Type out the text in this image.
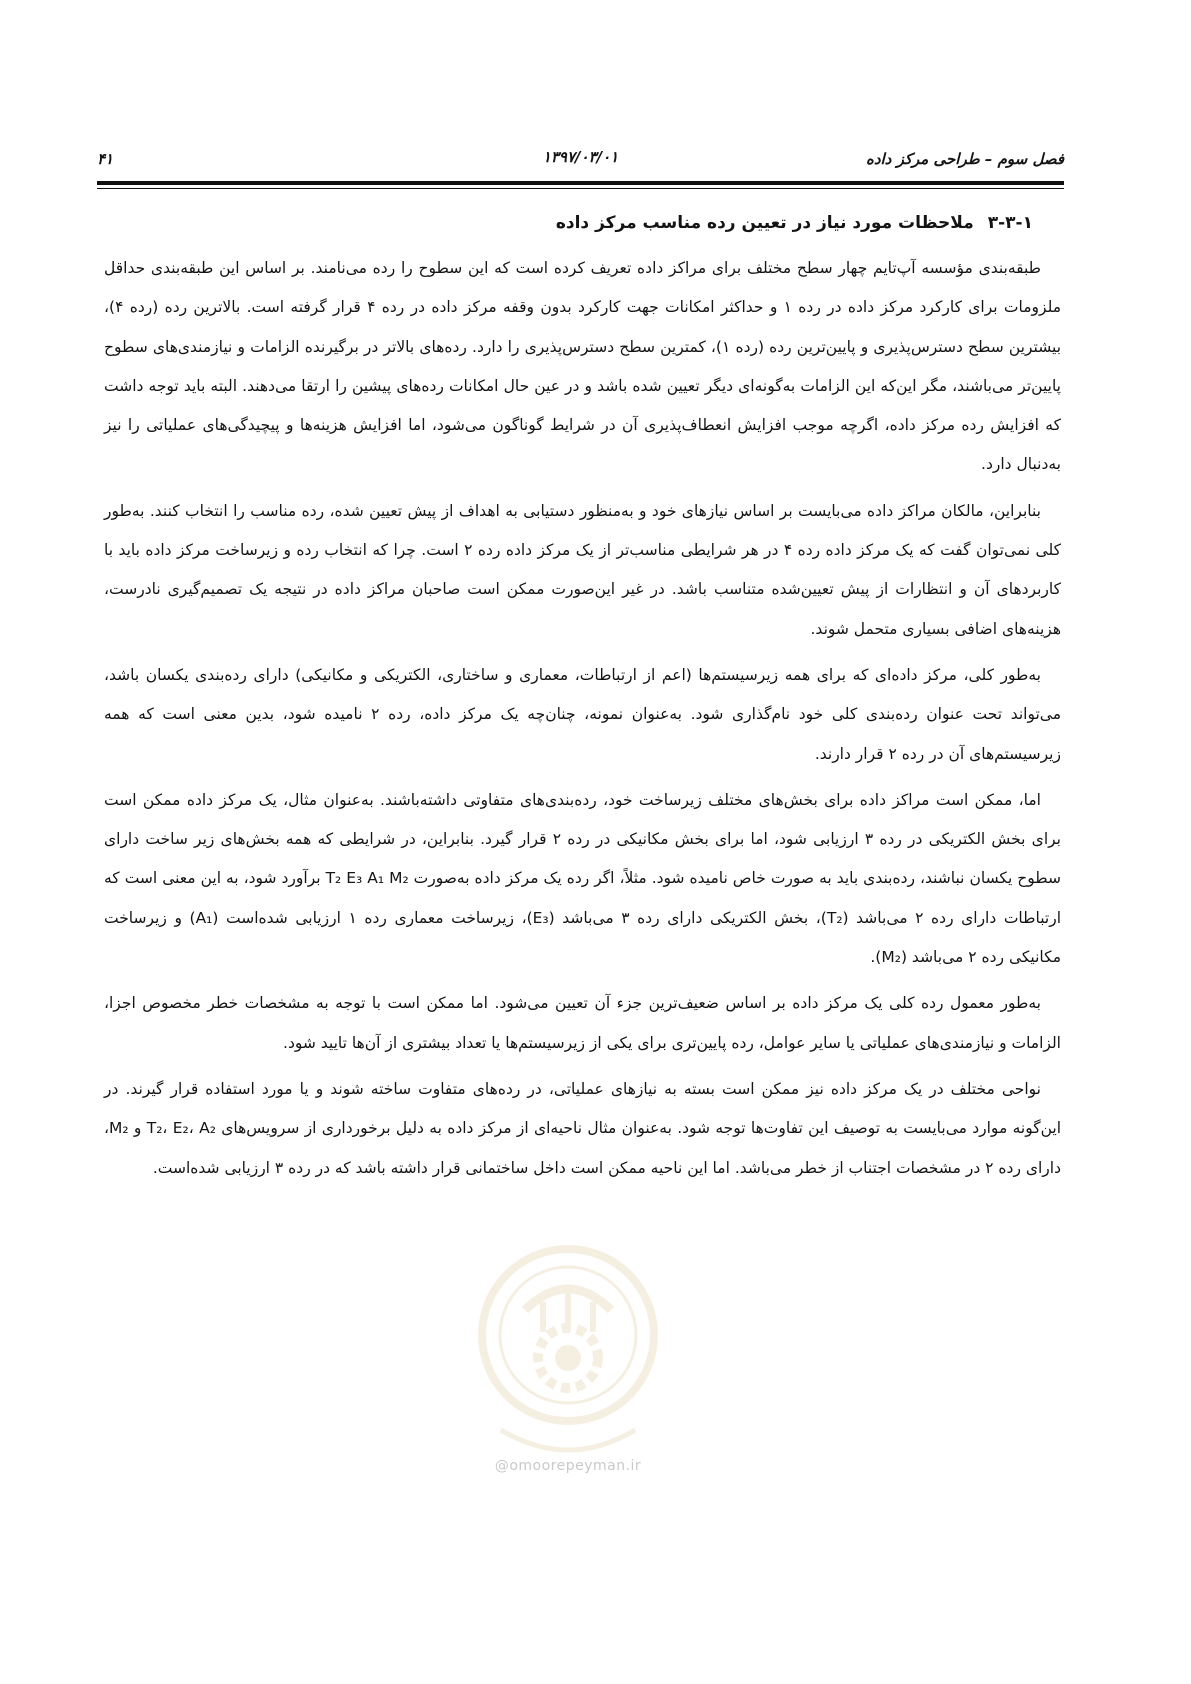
فصل سوم – طراحی مرکز داده
۱۳۹۷/۰۳/۰۱
۴۱
۳-۳-۱ملاحظات مورد نیاز در تعیین رده مناسب مرکز داده

طبقه‌بندی مؤسسه آپ‌تایم چهار سطح مختلف برای مراکز داده تعریف کرده است که این سطوح را رده می‌نامند. بر اساس این طبقه‌بندی حداقل ملزومات برای کارکرد مرکز داده در رده ۱ و حداکثر امکانات جهت کارکرد بدون وقفه مرکز داده در رده ۴ قرار گرفته است. بالاترین رده (رده ۴)، بیشترین سطح دسترس‌پذیری و پایین‌ترین رده (رده ۱)، کمترین سطح دسترس‌پذیری را دارد. رده‌های بالاتر در برگیرنده الزامات و نیازمندی‌های سطوح پایین‌تر می‌باشند، مگر این‌که این الزامات به‌گونه‌ای دیگر تعیین شده باشد و در عین حال امکانات رده‌های پیشین را ارتقا می‌دهند. البته باید توجه داشت که افزایش رده مرکز داده، اگرچه موجب افزایش انعطاف‌پذیری آن در شرایط گوناگون می‌شود، اما افزایش هزینه‌ها و پیچیدگی‌های عملیاتی را نیز به‌دنبال دارد.

بنابراین، مالکان مراکز داده می‌بایست بر اساس نیازهای خود و به‌منظور دستیابی به اهداف از پیش تعیین شده، رده مناسب را انتخاب کنند. به‌طور کلی نمی‌توان گفت که یک مرکز داده رده ۴ در هر شرایطی مناسب‌تر از یک مرکز داده رده ۲ است. چرا که انتخاب رده و زیرساخت مرکز داده باید با کاربردهای آن و انتظارات از پیش تعیین‌شده متناسب باشد. در غیر این‌صورت ممکن است صاحبان مراکز داده در نتیجه یک تصمیم‌گیری نادرست، هزینه‌های اضافی بسیاری متحمل شوند.

به‌طور کلی، مرکز داده‌ای که برای همه زیرسیستم‌ها (اعم از ارتباطات، معماری و ساختاری، الکتریکی و مکانیکی) دارای رده‌بندی یکسان باشد، می‌تواند تحت عنوان رده‌بندی کلی خود نام‌گذاری شود. به‌عنوان نمونه، چنان‌چه یک مرکز داده، رده ۲ نامیده شود، بدین معنی است که همه زیرسیستم‌های آن در رده ۲ قرار دارند.

اما، ممکن است مراکز داده برای بخش‌های مختلف زیرساخت خود، رده‌بندی‌های متفاوتی داشته‌باشند. به‌عنوان مثال، یک مرکز داده ممکن است برای بخش الکتریکی در رده ۳ ارزیابی شود، اما برای بخش مکانیکی در رده ۲ قرار گیرد. بنابراین، در شرایطی که همه بخش‌های زیر ساخت دارای سطوح یکسان نباشند، رده‌بندی باید به صورت خاص نامیده شود. مثلاً، اگر رده یک مرکز داده به‌صورت T₂ E₃ A₁ M₂ برآورد شود، به این معنی است که ارتباطات دارای رده ۲ می‌باشد (T₂)، بخش الکتریکی دارای رده ۳ می‌باشد (E₃)، زیرساخت معماری رده ۱ ارزیابی شده‌است (A₁) و زیرساخت مکانیکی رده ۲ می‌باشد (M₂).

به‌طور معمول رده کلی یک مرکز داده بر اساس ضعیف‌ترین جزء آن تعیین می‌شود. اما ممکن است با توجه به مشخصات خطر مخصوص اجزا، الزامات و نیازمندی‌های عملیاتی یا سایر عوامل، رده پایین‌تری برای یکی از زیرسیستم‌ها یا تعداد بیشتری از آن‌ها تایید شود.

نواحی مختلف در یک مرکز داده نیز ممکن است بسته به نیازهای عملیاتی، در رده‌های متفاوت ساخته شوند و یا مورد استفاده قرار گیرند. در این‌گونه موارد می‌بایست به توصیف این تفاوت‌ها توجه شود. به‌عنوان مثال ناحیه‌ای از مرکز داده به دلیل برخورداری از سرویس‌های T₂، E₂، A₂ و M₂، دارای رده ۲ در مشخصات اجتناب از خطر می‌باشد. اما این ناحیه ممکن است داخل ساختمانی قرار داشته باشد که در رده ۳ ارزیابی شده‌است.

@omoorepeyman.ir
